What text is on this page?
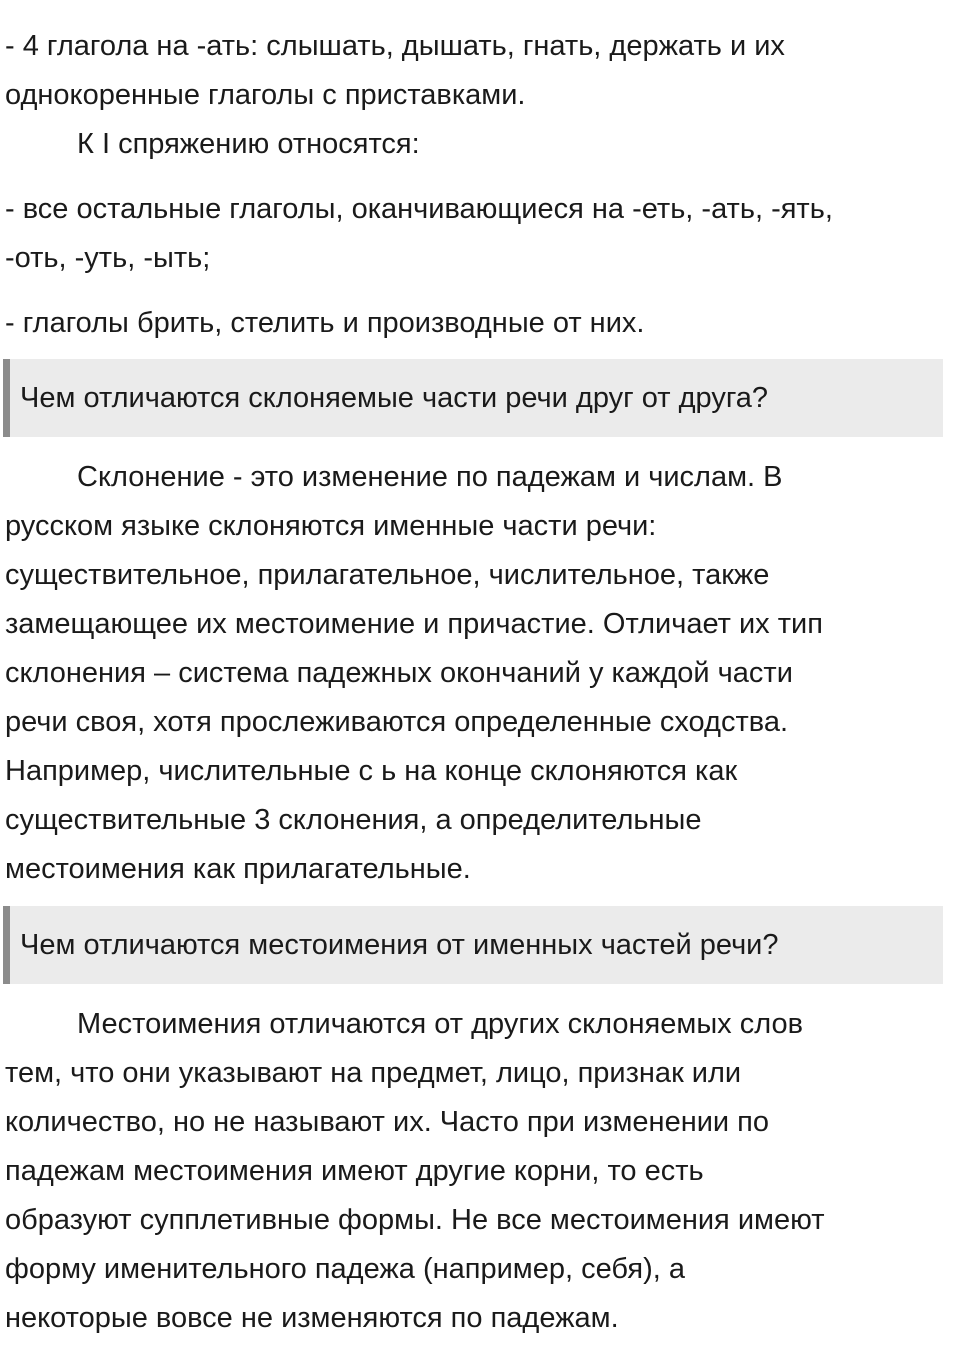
- 4 глагола на -ать: слышать, дышать, гнать, держать и их
однокоренные глаголы с приставками.

К I спряжению относятся:

- все остальные глаголы, оканчивающиеся на -еть, -ать, -ять,
-оть, -уть, -ыть;

- глаголы брить, стелить и производные от них.

Чем отличаются склоняемые части речи друг от друга?

Склонение - это изменение по падежам и числам. В
русском языке склоняются именные части речи:
существительное, прилагательное, числительное, также
замещающее их местоимение и причастие. Отличает их тип
склонения – система падежных окончаний у каждой части
речи своя, хотя прослеживаются определенные сходства.
Например, числительные с ь на конце склоняются как
существительные 3 склонения, а определительные
местоимения как прилагательные.

Чем отличаются местоимения от именных частей речи?

Местоимения отличаются от других склоняемых слов
тем, что они указывают на предмет, лицо, признак или
количество, но не называют их. Часто при изменении по
падежам местоимения имеют другие корни, то есть
образуют супплетивные формы. Не все местоимения имеют
форму именительного падежа (например, себя), а
некоторые вовсе не изменяются по падежам.
